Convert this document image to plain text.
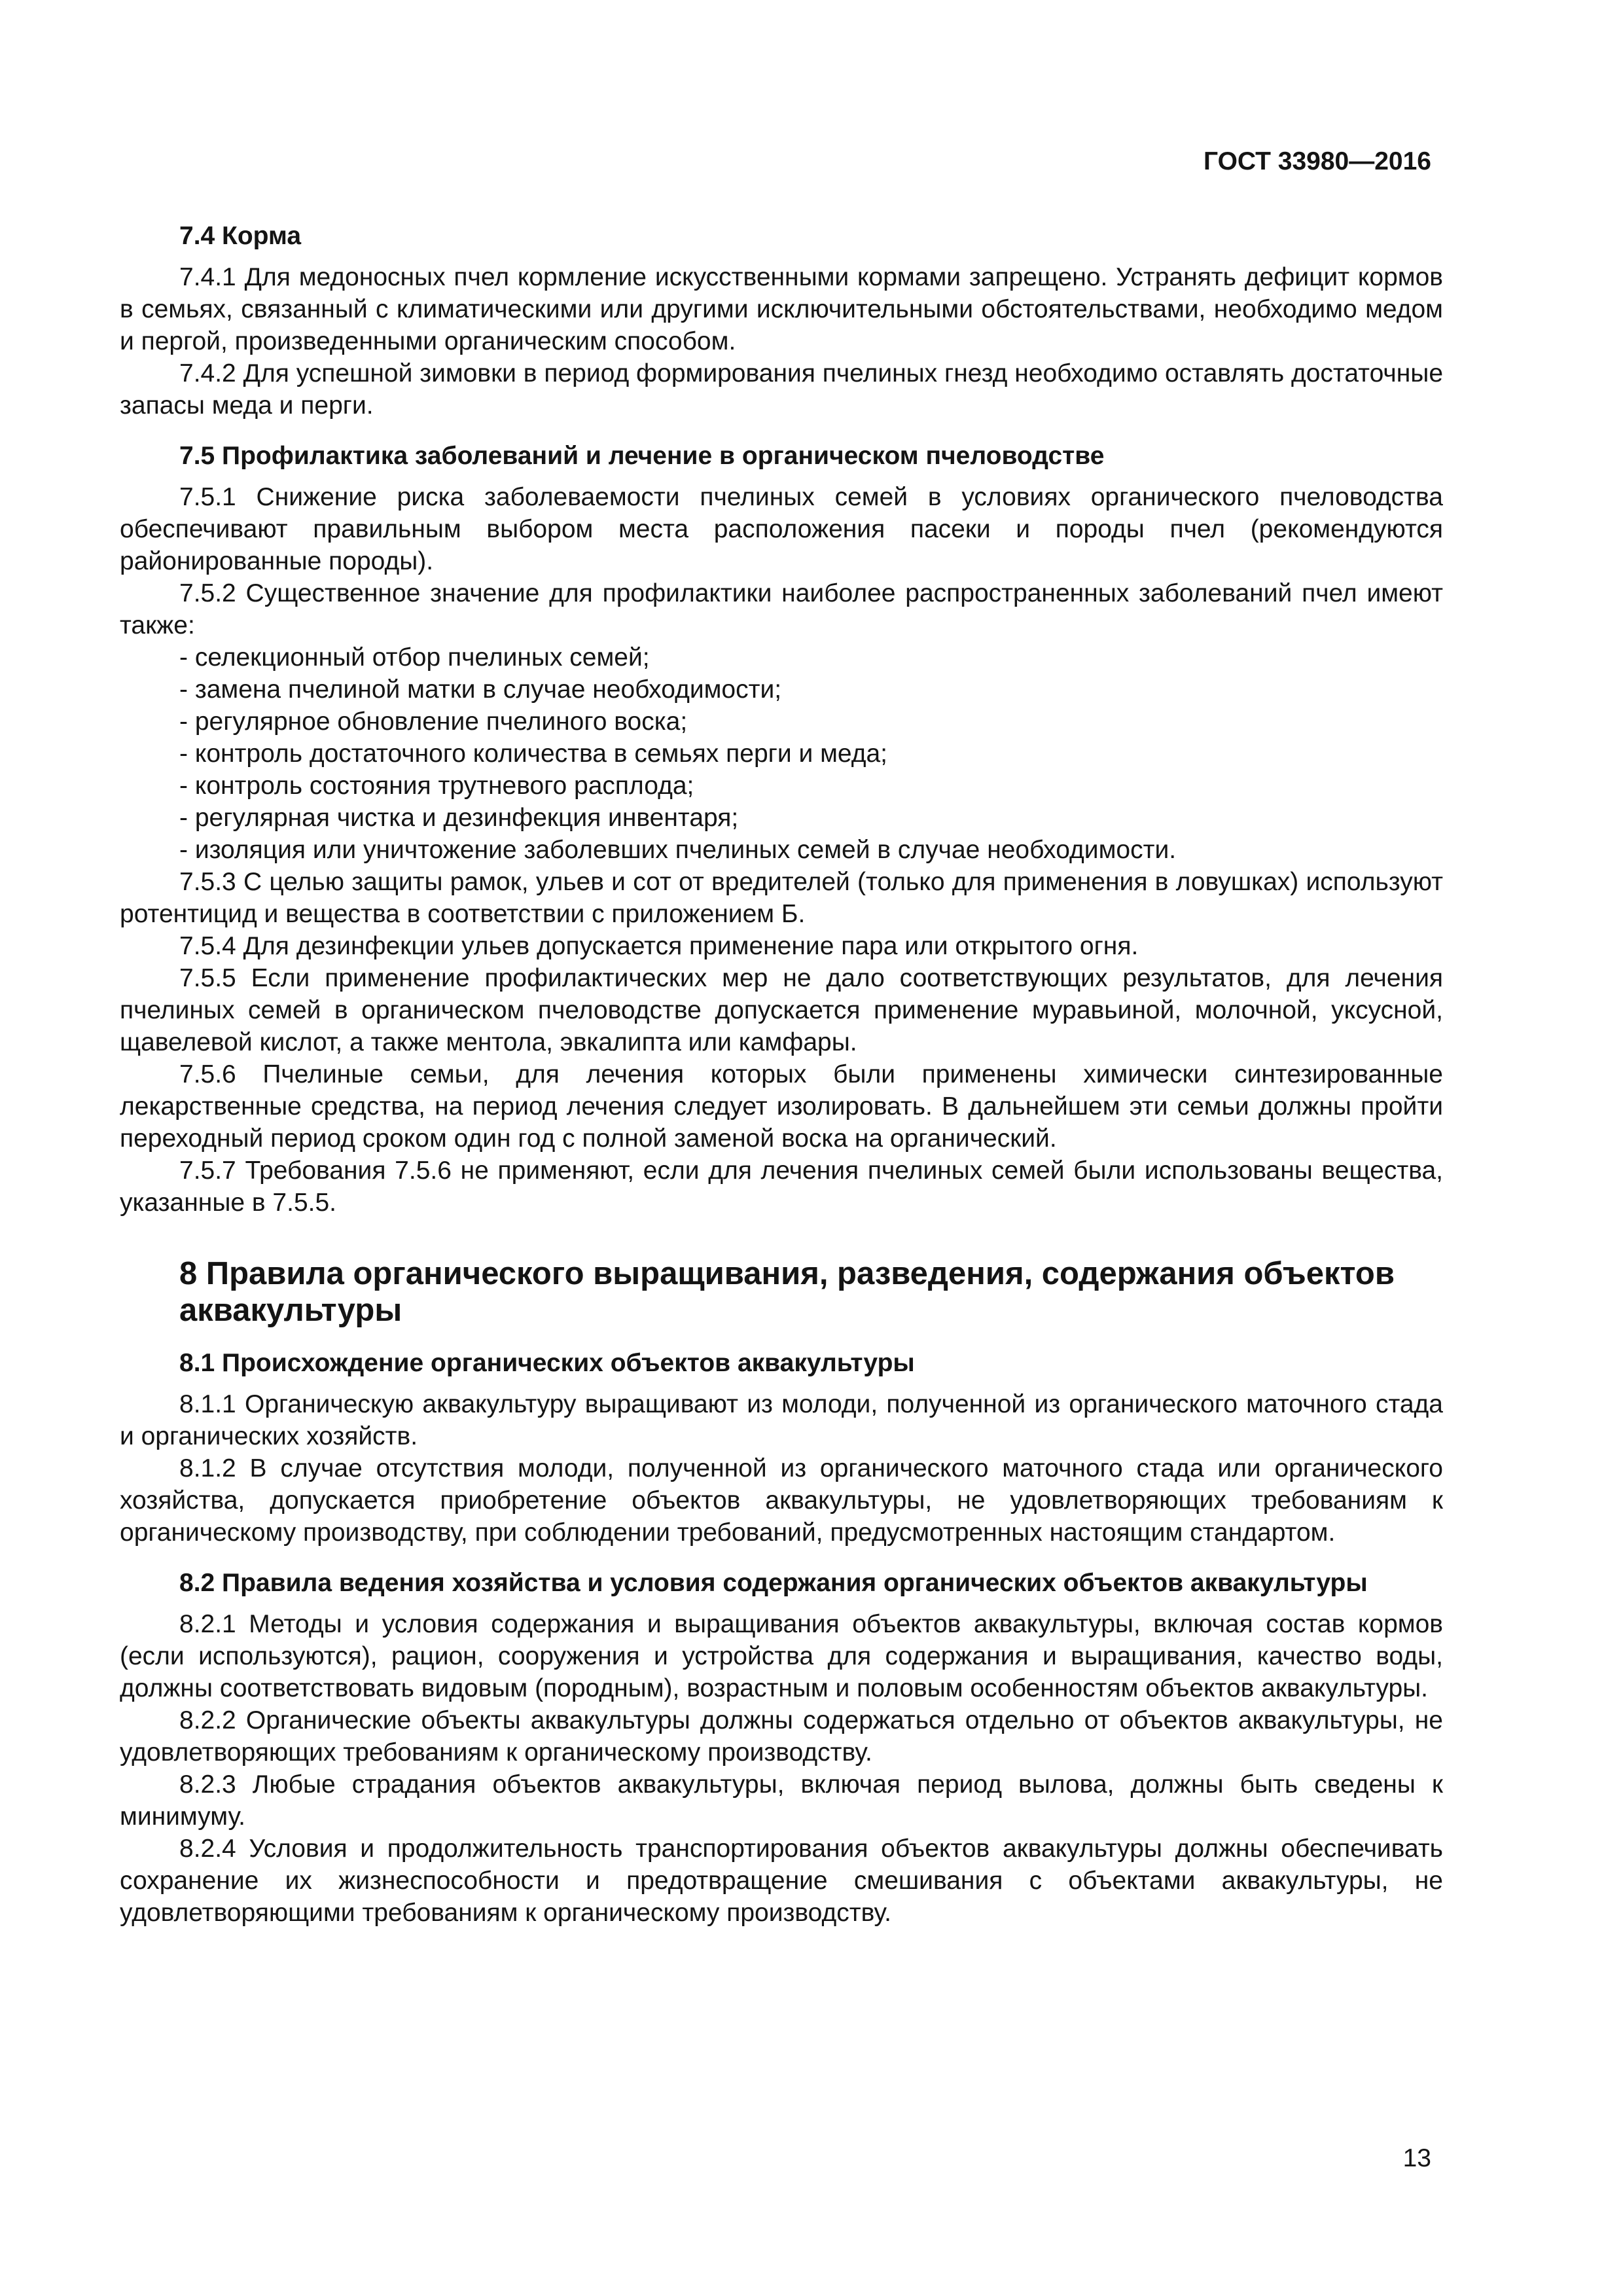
ГОСТ 33980—2016

7.4 Корма

7.4.1 Для медоносных пчел кормление искусственными кормами запрещено. Устранять дефицит кормов в семьях, связанный с климатическими или другими исключительными обстоятельствами, необходимо медом и пергой, произведенными органическим способом.

7.4.2 Для успешной зимовки в период формирования пчелиных гнезд необходимо оставлять достаточные запасы меда и перги.

7.5 Профилактика заболеваний и лечение в органическом пчеловодстве

7.5.1 Снижение риска заболеваемости пчелиных семей в условиях органического пчеловодства обеспечивают правильным выбором места расположения пасеки и породы пчел (рекомендуются районированные породы).

7.5.2 Существенное значение для профилактики наиболее распространенных заболеваний пчел имеют также:

- селекционный отбор пчелиных семей;

- замена пчелиной матки в случае необходимости;

- регулярное обновление пчелиного воска;

- контроль достаточного количества в семьях перги и меда;

- контроль состояния трутневого расплода;

- регулярная чистка и дезинфекция инвентаря;

- изоляция или уничтожение заболевших пчелиных семей в случае необходимости.

7.5.3 С целью защиты рамок, ульев и сот от вредителей (только для применения в ловушках) используют ротентицид и вещества в соответствии с приложением Б.

7.5.4 Для дезинфекции ульев допускается применение пара или открытого огня.

7.5.5 Если применение профилактических мер не дало соответствующих результатов, для лечения пчелиных семей в органическом пчеловодстве допускается применение муравьиной, молочной, уксусной, щавелевой кислот, а также ментола, эвкалипта или камфары.

7.5.6 Пчелиные семьи, для лечения которых были применены химически синтезированные лекарственные средства, на период лечения следует изолировать. В дальнейшем эти семьи должны пройти переходный период сроком один год с полной заменой воска на органический.

7.5.7 Требования 7.5.6 не применяют, если для лечения пчелиных семей были использованы вещества, указанные в 7.5.5.

8 Правила органического выращивания, разведения, содержания объектов аквакультуры

8.1 Происхождение органических объектов аквакультуры

8.1.1 Органическую аквакультуру выращивают из молоди, полученной из органического маточного стада и органических хозяйств.

8.1.2 В случае отсутствия молоди, полученной из органического маточного стада или органического хозяйства, допускается приобретение объектов аквакультуры, не удовлетворяющих требованиям к органическому производству, при соблюдении требований, предусмотренных настоящим стандартом.

8.2 Правила ведения хозяйства и условия содержания органических объектов аквакультуры

8.2.1 Методы и условия содержания и выращивания объектов аквакультуры, включая состав кормов (если используются), рацион, сооружения и устройства для содержания и выращивания, качество воды, должны соответствовать видовым (породным), возрастным и половым особенностям объектов аквакультуры.

8.2.2 Органические объекты аквакультуры должны содержаться отдельно от объектов аквакультуры, не удовлетворяющих требованиям к органическому производству.

8.2.3 Любые страдания объектов аквакультуры, включая период вылова, должны быть сведены к минимуму.

8.2.4 Условия и продолжительность транспортирования объектов аквакультуры должны обеспечивать сохранение их жизнеспособности и предотвращение смешивания с объектами аквакультуры, не удовлетворяющими требованиям к органическому производству.

13
